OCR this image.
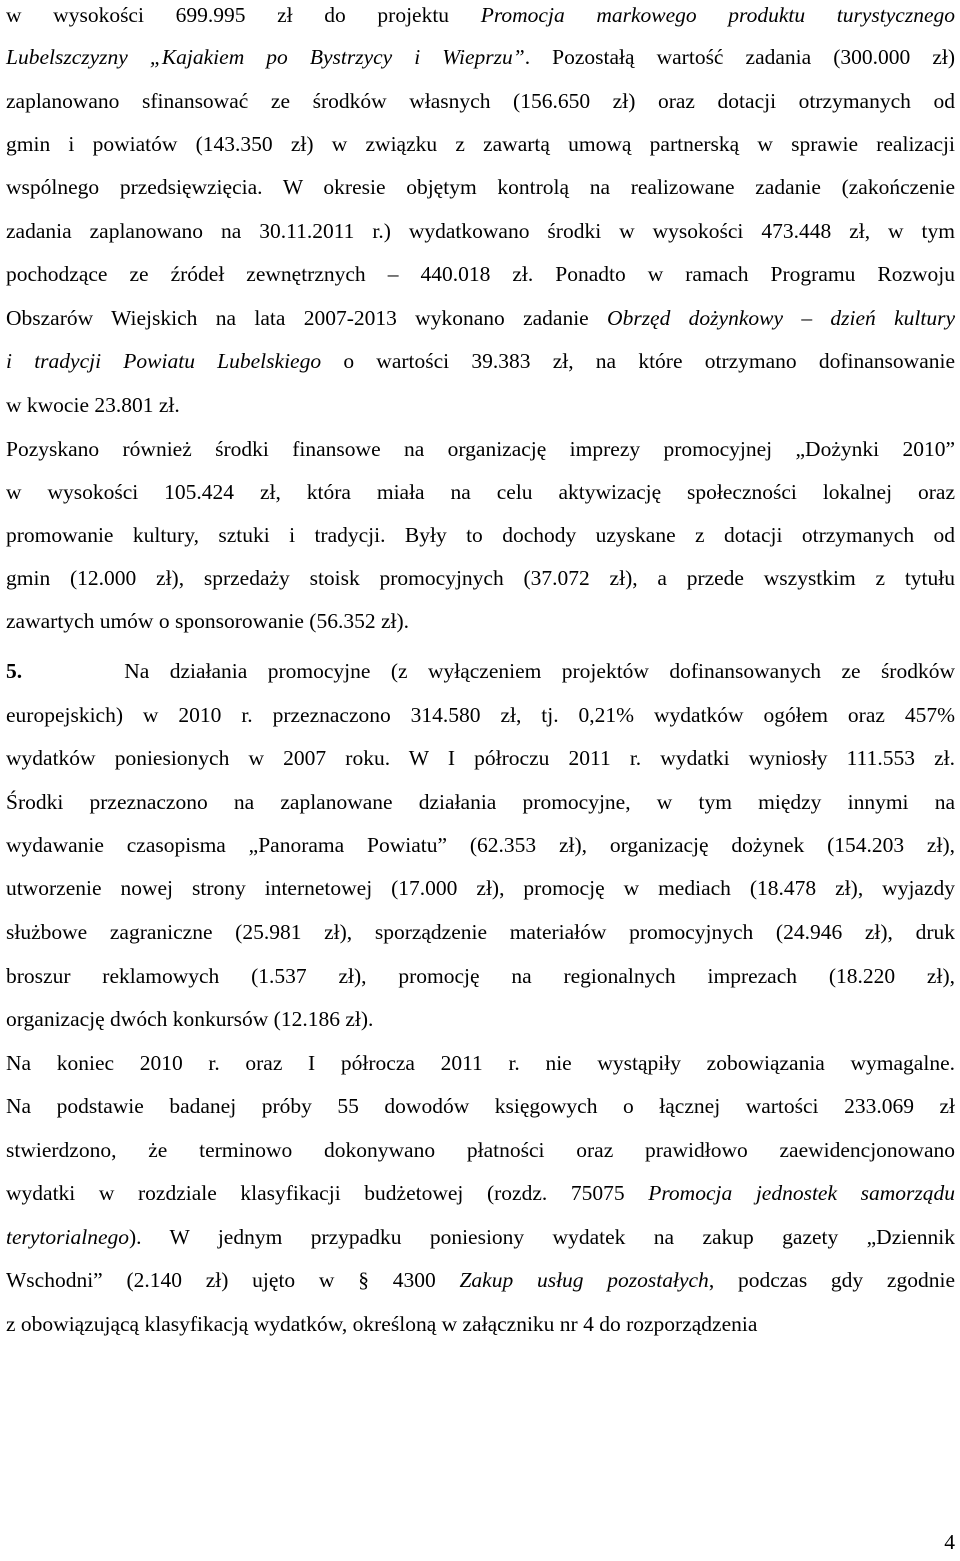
w wysokości 699.995 zł do projektu Promocja markowego produktu turystycznego
Lubelszczyzny „Kajakiem po Bystrzycy i Wieprzu”. Pozostałą wartość zadania (300.000 zł)
zaplanowano sfinansować ze środków własnych (156.650 zł) oraz dotacji otrzymanych od
gmin i powiatów (143.350 zł) w związku z zawartą umową partnerską w sprawie realizacji
wspólnego przedsięwzięcia. W okresie objętym kontrolą na realizowane zadanie (zakończenie
zadania zaplanowano na 30.11.2011 r.) wydatkowano środki w wysokości 473.448 zł, w tym
pochodzące ze źródeł zewnętrznych – 440.018 zł. Ponadto w ramach Programu Rozwoju
Obszarów Wiejskich na lata 2007-2013 wykonano zadanie Obrzęd dożynkowy – dzień kultury
i tradycji Powiatu Lubelskiego o wartości 39.383 zł, na które otrzymano dofinansowanie
w kwocie 23.801 zł.
Pozyskano również środki finansowe na organizację imprezy promocyjnej „Dożynki 2010”
w wysokości 105.424 zł, która miała na celu aktywizację społeczności lokalnej oraz
promowanie kultury, sztuki i tradycji. Były to dochody uzyskane z dotacji otrzymanych od
gmin (12.000 zł), sprzedaży stoisk promocyjnych (37.072 zł), a przede wszystkim z tytułu
zawartych umów o sponsorowanie (56.352 zł).
5.     Na działania promocyjne (z wyłączeniem projektów dofinansowanych ze środków
europejskich) w 2010 r. przeznaczono 314.580 zł, tj. 0,21% wydatków ogółem oraz 457%
wydatków poniesionych w 2007 roku. W I półroczu 2011 r. wydatki wyniosły 111.553 zł.
Środki przeznaczono na zaplanowane działania promocyjne, w tym między innymi na
wydawanie czasopisma „Panorama Powiatu” (62.353 zł), organizację dożynek (154.203 zł),
utworzenie nowej strony internetowej (17.000 zł), promocję w mediach (18.478 zł), wyjazdy
służbowe zagraniczne (25.981 zł), sporządzenie materiałów promocyjnych (24.946 zł), druk
broszur reklamowych (1.537 zł), promocję na regionalnych imprezach (18.220 zł),
organizację dwóch konkursów (12.186 zł).
Na koniec 2010 r. oraz I półrocza 2011 r. nie wystąpiły zobowiązania wymagalne.
Na podstawie badanej próby 55 dowodów księgowych o łącznej wartości 233.069 zł
stwierdzono, że terminowo dokonywano płatności oraz prawidłowo zaewidencjonowano
wydatki w rozdziale klasyfikacji budżetowej (rozdz. 75075 Promocja jednostek samorządu
terytorialnego). W jednym przypadku poniesiony wydatek na zakup gazety „Dziennik
Wschodni” (2.140 zł) ujęto w § 4300 Zakup usług pozostałych, podczas gdy zgodnie
z obowiązującą klasyfikacją wydatków, określoną w załączniku nr 4 do rozporządzenia
4
